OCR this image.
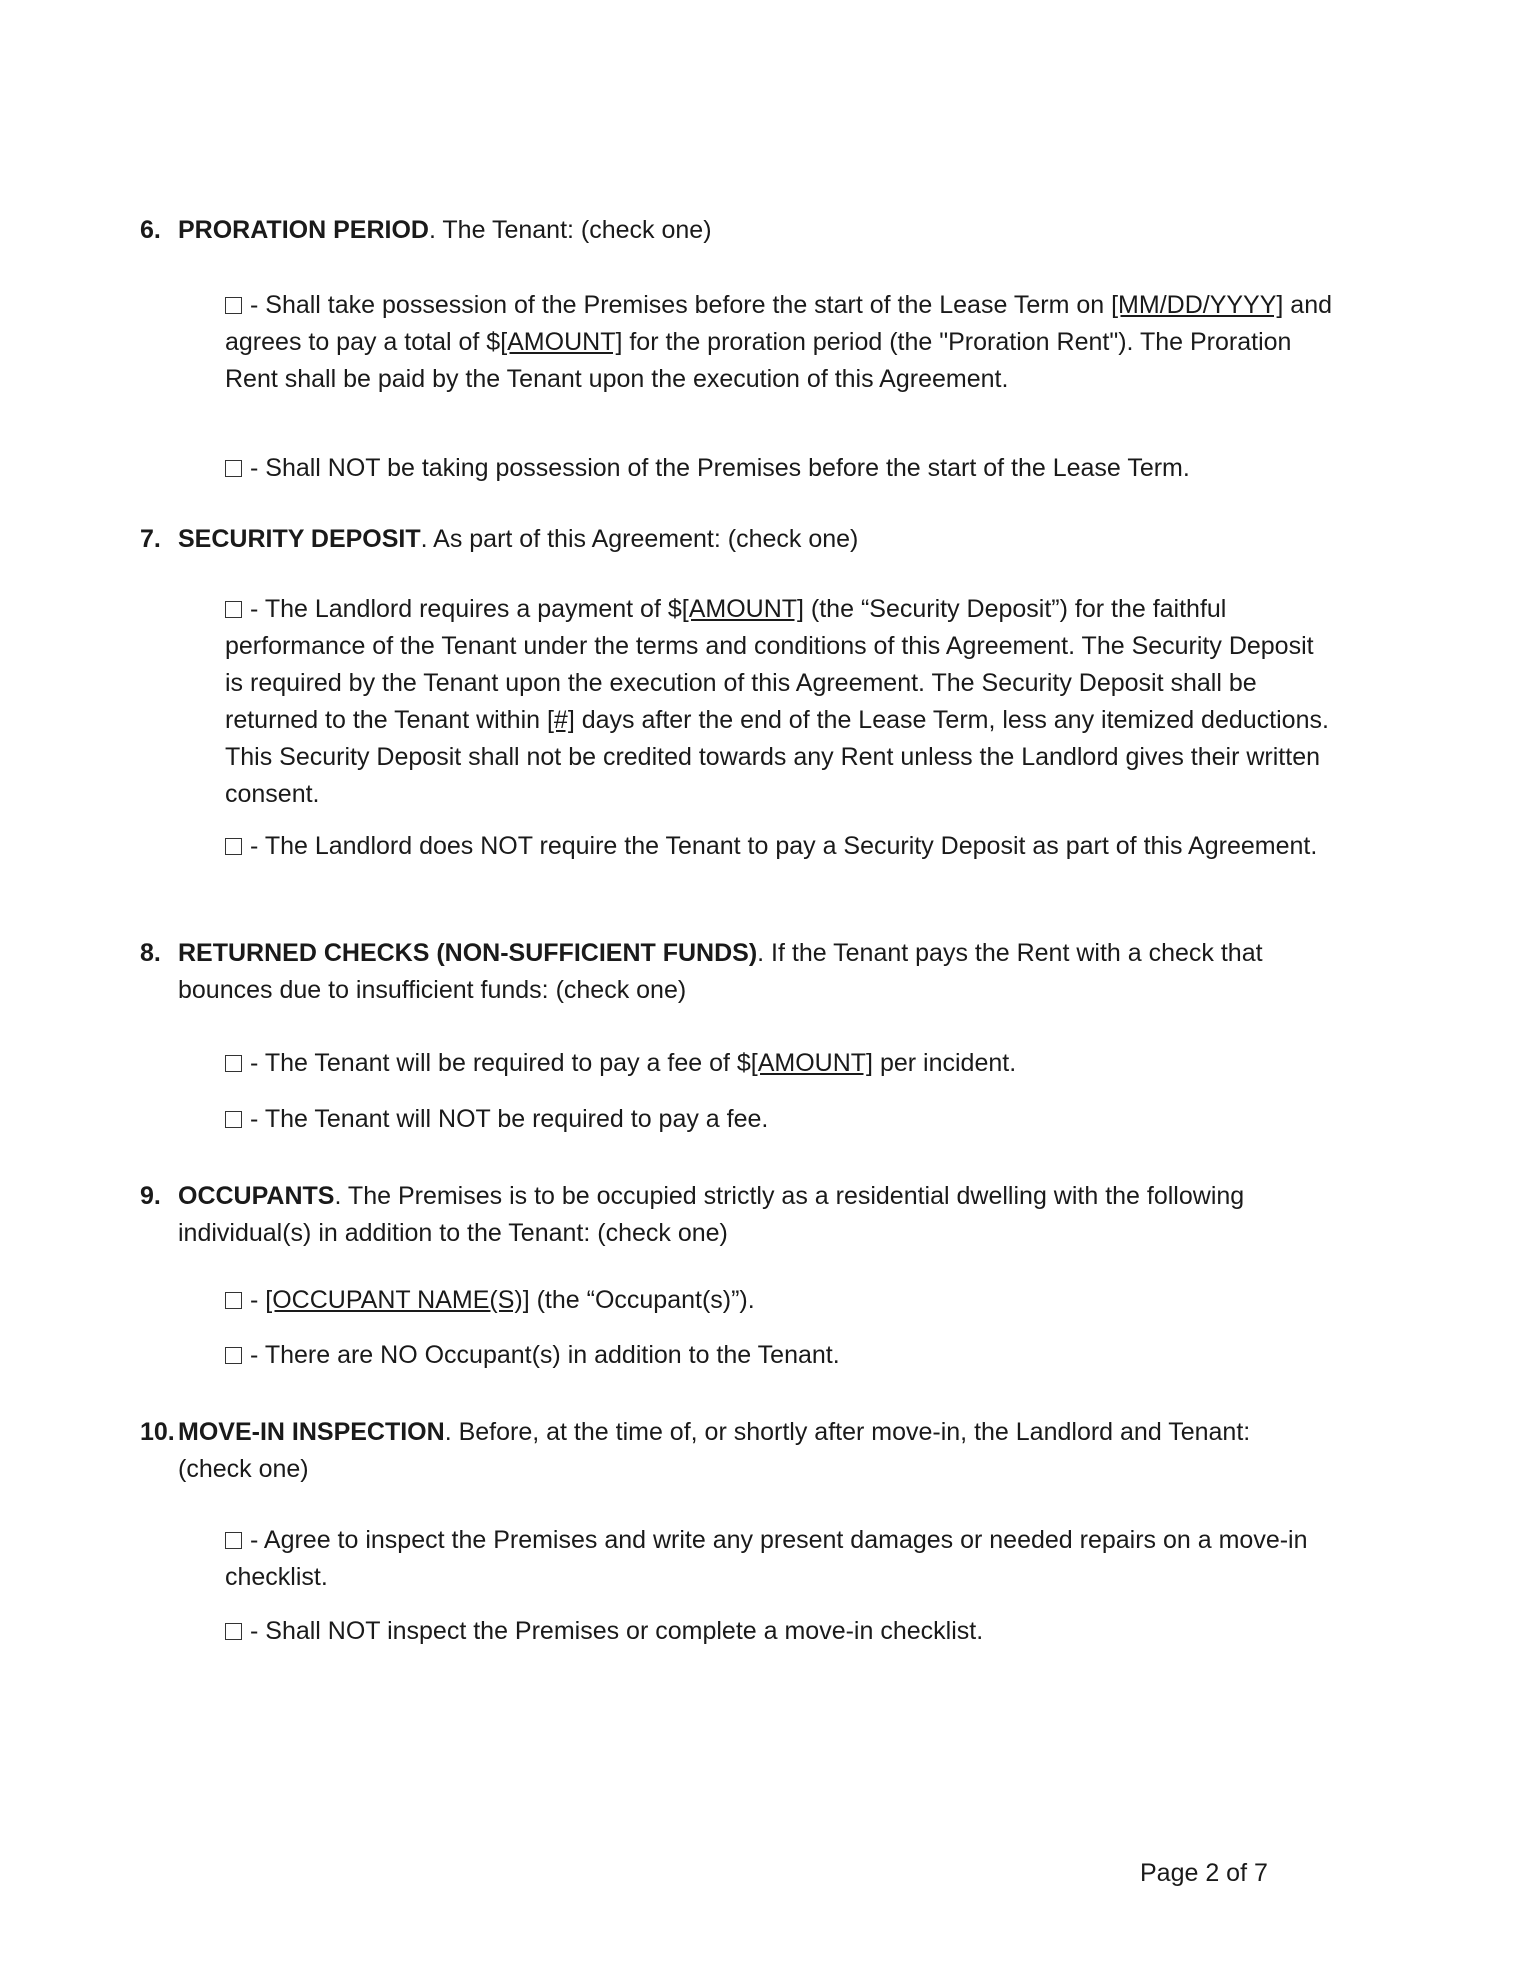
6. PRORATION PERIOD. The Tenant: (check one)
- Shall take possession of the Premises before the start of the Lease Term on [MM/DD/YYYY] and agrees to pay a total of $[AMOUNT] for the proration period (the "Proration Rent"). The Proration Rent shall be paid by the Tenant upon the execution of this Agreement.
- Shall NOT be taking possession of the Premises before the start of the Lease Term.
7. SECURITY DEPOSIT. As part of this Agreement: (check one)
- The Landlord requires a payment of $[AMOUNT] (the “Security Deposit”) for the faithful performance of the Tenant under the terms and conditions of this Agreement. The Security Deposit is required by the Tenant upon the execution of this Agreement. The Security Deposit shall be returned to the Tenant within [#] days after the end of the Lease Term, less any itemized deductions. This Security Deposit shall not be credited towards any Rent unless the Landlord gives their written consent.
- The Landlord does NOT require the Tenant to pay a Security Deposit as part of this Agreement.
8. RETURNED CHECKS (NON-SUFFICIENT FUNDS). If the Tenant pays the Rent with a check that bounces due to insufficient funds: (check one)
- The Tenant will be required to pay a fee of $[AMOUNT] per incident.
- The Tenant will NOT be required to pay a fee.
9. OCCUPANTS. The Premises is to be occupied strictly as a residential dwelling with the following individual(s) in addition to the Tenant: (check one)
- [OCCUPANT NAME(S)] (the “Occupant(s)”).
- There are NO Occupant(s) in addition to the Tenant.
10. MOVE-IN INSPECTION. Before, at the time of, or shortly after move-in, the Landlord and Tenant: (check one)
- Agree to inspect the Premises and write any present damages or needed repairs on a move-in checklist.
- Shall NOT inspect the Premises or complete a move-in checklist.
Page 2 of 7
